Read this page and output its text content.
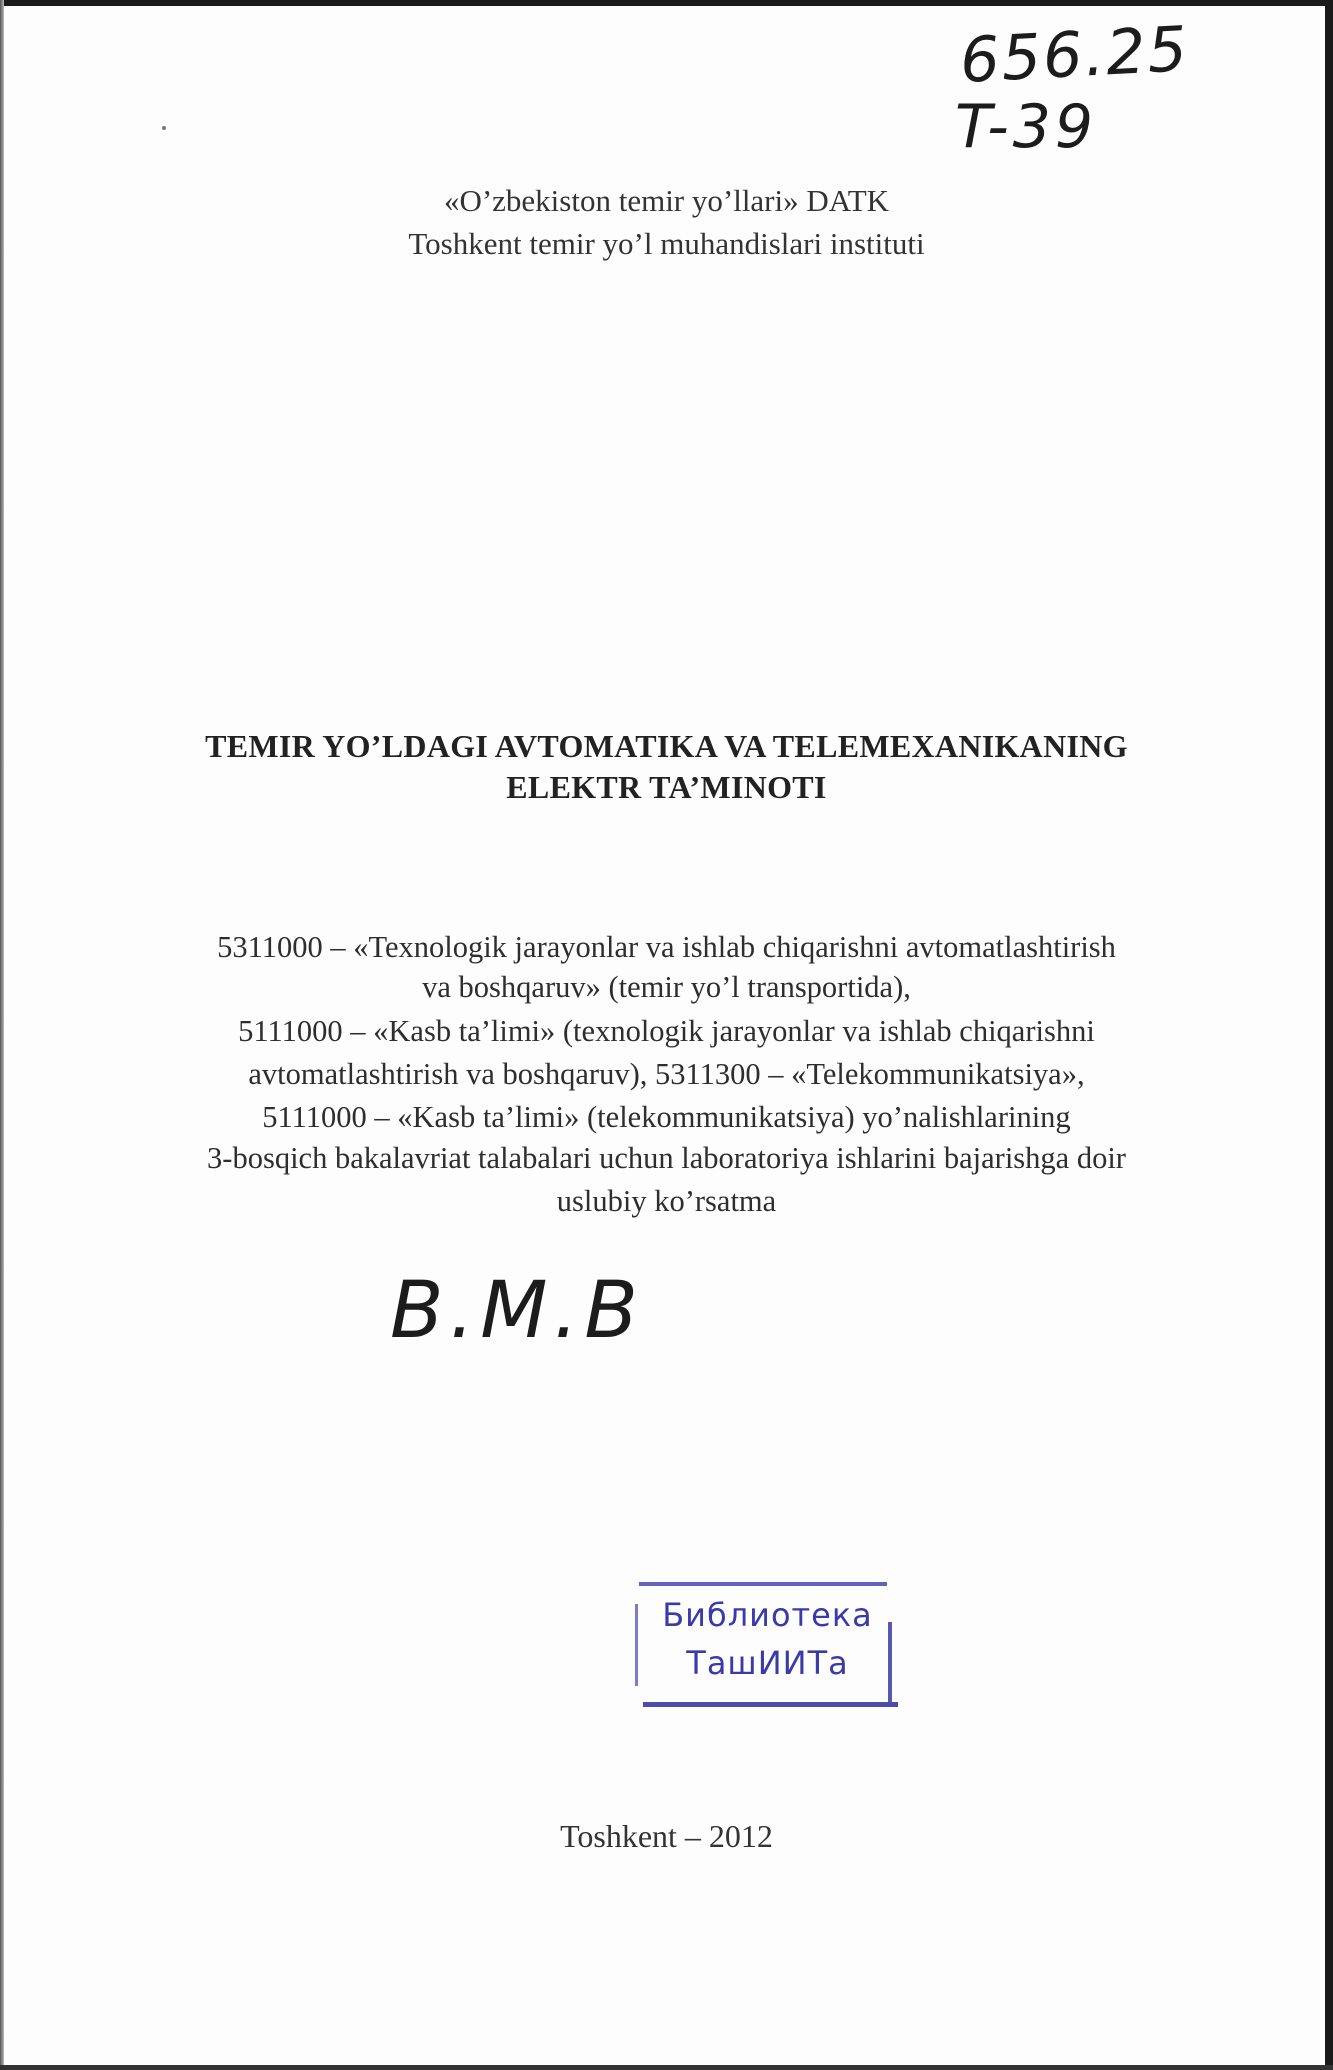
656.25
T-39
«O’zbekiston temir yo’llari» DATK
Toshkent temir yo’l muhandislari instituti
TEMIR YO’LDAGI AVTOMATIKA VA TELEMEXANIKANING
ELEKTR TA’MINOTI
5311000 – «Texnologik jarayonlar va ishlab chiqarishni avtomatlashtirish
va boshqaruv» (temir yo’l transportida),
5111000 – «Kasb ta’limi» (texnologik jarayonlar va ishlab chiqarishni
avtomatlashtirish va boshqaruv), 5311300 – «Telekommunikatsiya»,
5111000 – «Kasb ta’limi» (telekommunikatsiya) yo’nalishlarining
3-bosqich bakalavriat talabalari uchun laboratoriya ishlarini bajarishga doir
uslubiy ko’rsatma
В.М.В
Библиотека
ТашИИТа
Toshkent – 2012
